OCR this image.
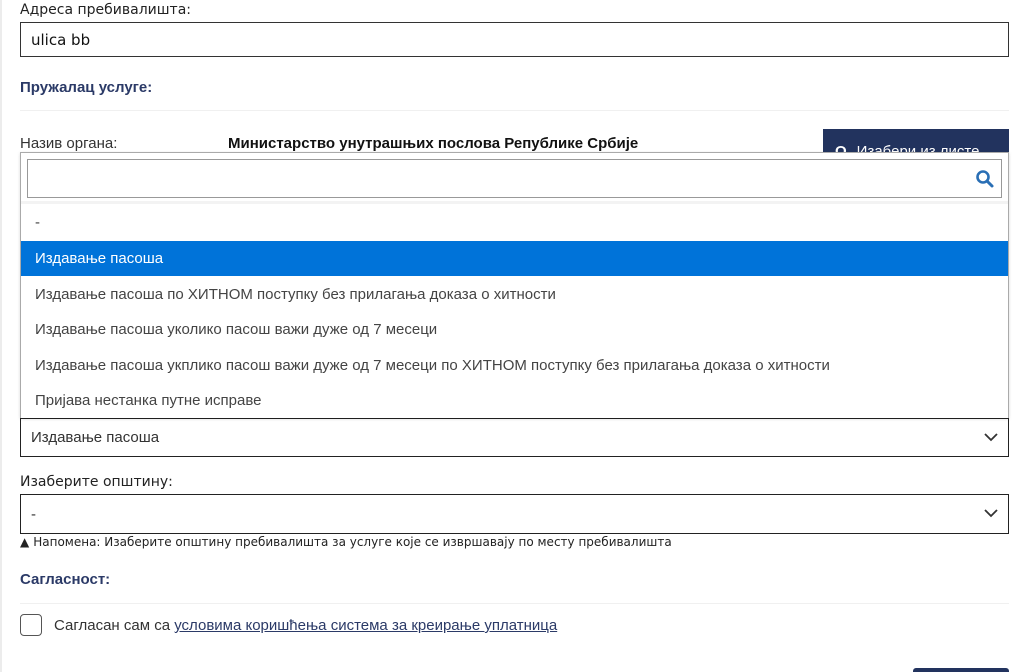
Адреса пребивалишта:
ulica bb
Пружалац услуге:
Назив органа:	Министарство унутрашњих послова Републике Србије
Издавање пасоша
-
Издавање пасоша
Издавање пасоша по ХИТНОМ поступку без прилагања доказа о хитности
Издавање пасоша уколико пасош важи дуже од 7 месеци
Издавање пасоша укплико пасош важи дуже од 7 месеци по ХИТНОМ поступку без прилагања доказа о хитности
Пријава нестанка путне исправе
Изаберите општину:
-
▲ Напомена: Изаберите општину пребивалишта за услуге које се извршавају по месту пребивалишта
Сагласност:
Сагласан сам са условима коришћења система за креирање уплатница
